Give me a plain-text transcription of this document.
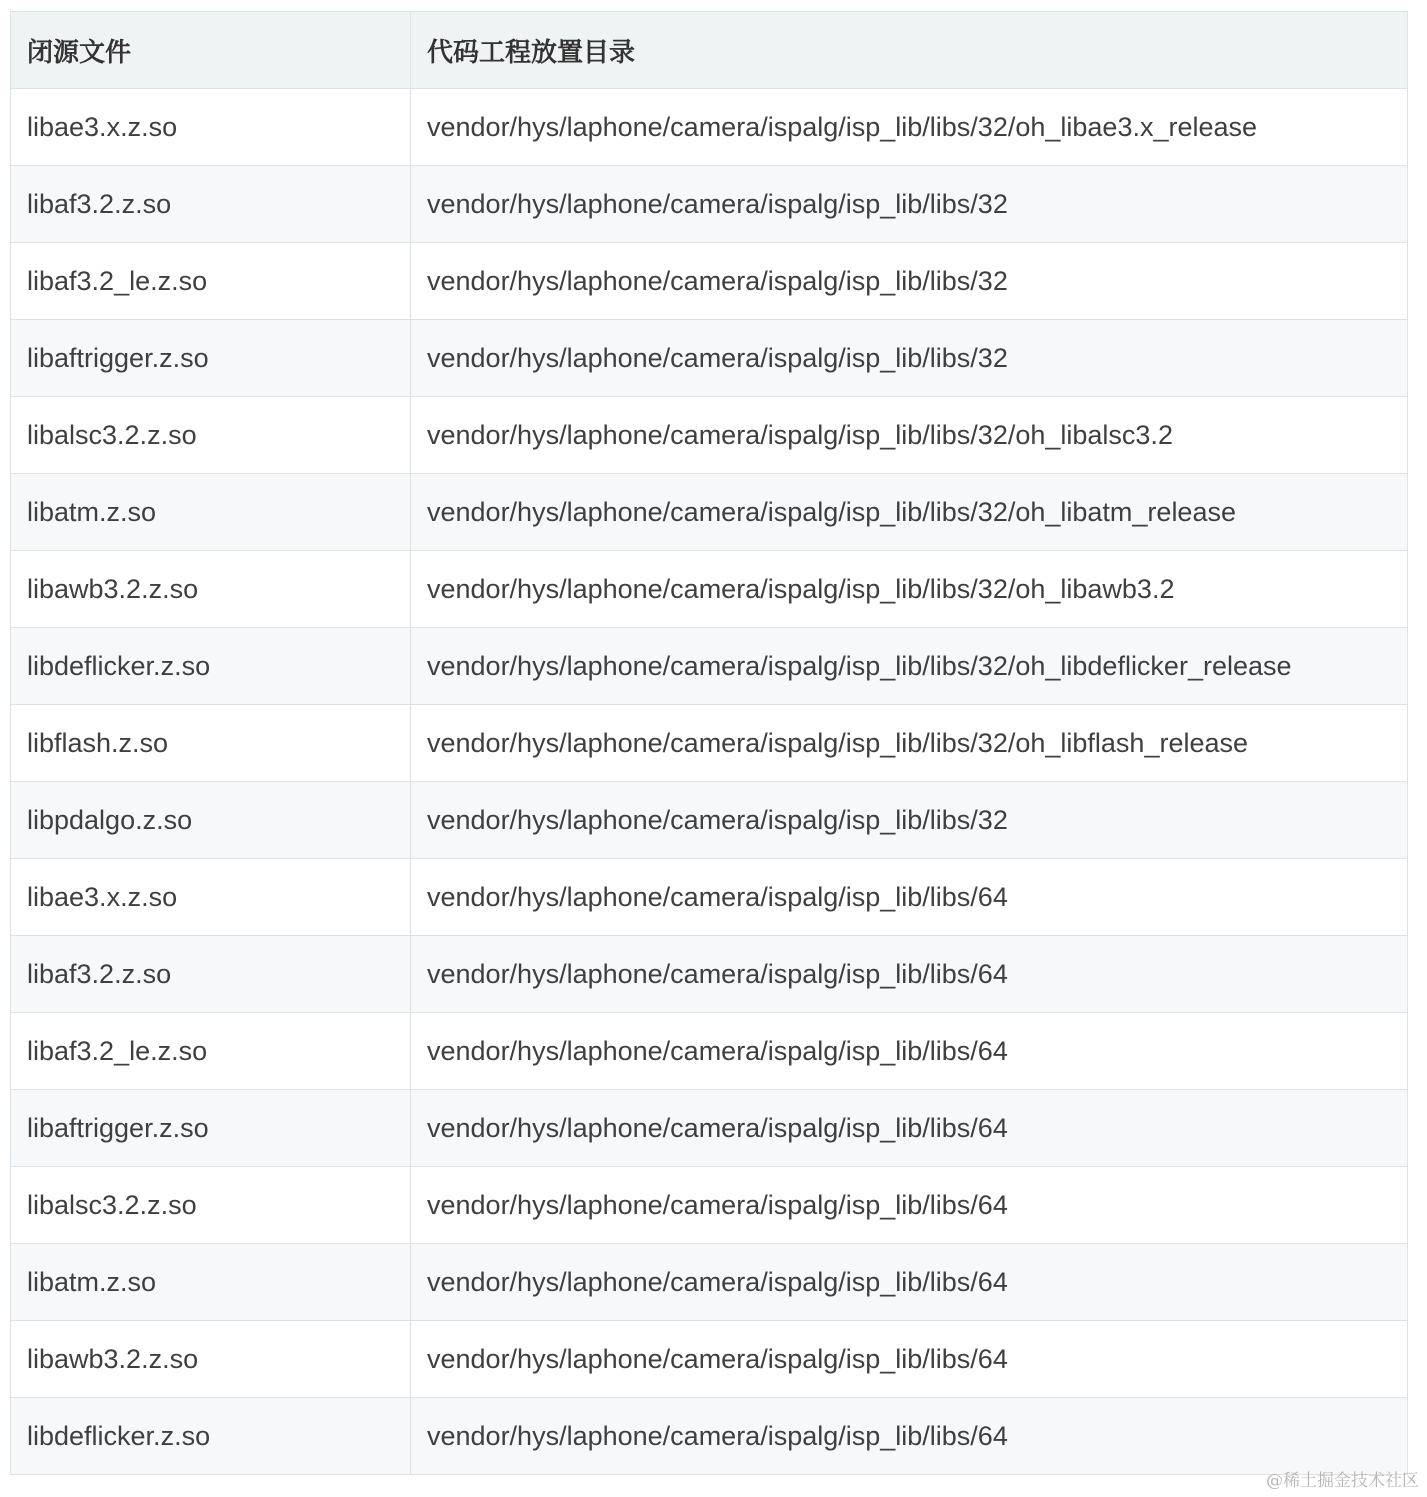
闭源文件	代码工程放置目录
libae3.x.z.so	vendor/hys/laphone/camera/ispalg/isp_lib/libs/32/oh_libae3.x_release
libaf3.2.z.so	vendor/hys/laphone/camera/ispalg/isp_lib/libs/32
libaf3.2_le.z.so	vendor/hys/laphone/camera/ispalg/isp_lib/libs/32
libaftrigger.z.so	vendor/hys/laphone/camera/ispalg/isp_lib/libs/32
libalsc3.2.z.so	vendor/hys/laphone/camera/ispalg/isp_lib/libs/32/oh_libalsc3.2
libatm.z.so	vendor/hys/laphone/camera/ispalg/isp_lib/libs/32/oh_libatm_release
libawb3.2.z.so	vendor/hys/laphone/camera/ispalg/isp_lib/libs/32/oh_libawb3.2
libdeflicker.z.so	vendor/hys/laphone/camera/ispalg/isp_lib/libs/32/oh_libdeflicker_release
libflash.z.so	vendor/hys/laphone/camera/ispalg/isp_lib/libs/32/oh_libflash_release
libpdalgo.z.so	vendor/hys/laphone/camera/ispalg/isp_lib/libs/32
libae3.x.z.so	vendor/hys/laphone/camera/ispalg/isp_lib/libs/64
libaf3.2.z.so	vendor/hys/laphone/camera/ispalg/isp_lib/libs/64
libaf3.2_le.z.so	vendor/hys/laphone/camera/ispalg/isp_lib/libs/64
libaftrigger.z.so	vendor/hys/laphone/camera/ispalg/isp_lib/libs/64
libalsc3.2.z.so	vendor/hys/laphone/camera/ispalg/isp_lib/libs/64
libatm.z.so	vendor/hys/laphone/camera/ispalg/isp_lib/libs/64
libawb3.2.z.so	vendor/hys/laphone/camera/ispalg/isp_lib/libs/64
libdeflicker.z.so	vendor/hys/laphone/camera/ispalg/isp_lib/libs/64
@稀土掘金技术社区
